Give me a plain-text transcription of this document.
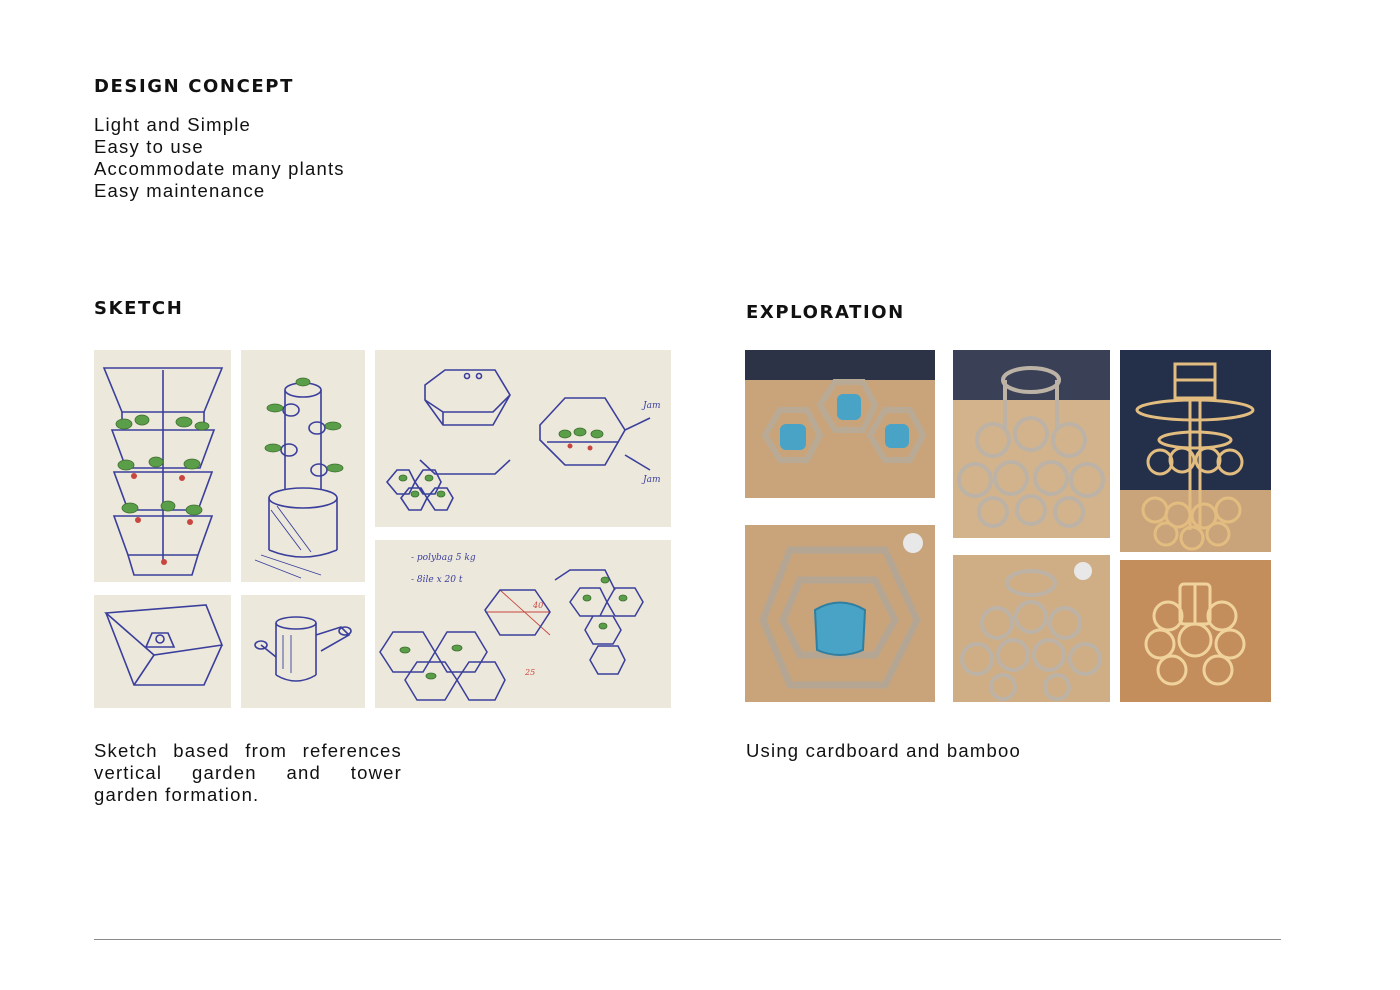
DESIGN CONCEPT
Light and Simple
Easy to use
Accommodate many plants
Easy maintenance
SKETCH
Jam
Jam
- polybag 5 kg
- 8ile x 20 t
40
25

Sketch based from references vertical garden and tower garden formation.

EXPLORATION

Using cardboard and bamboo
